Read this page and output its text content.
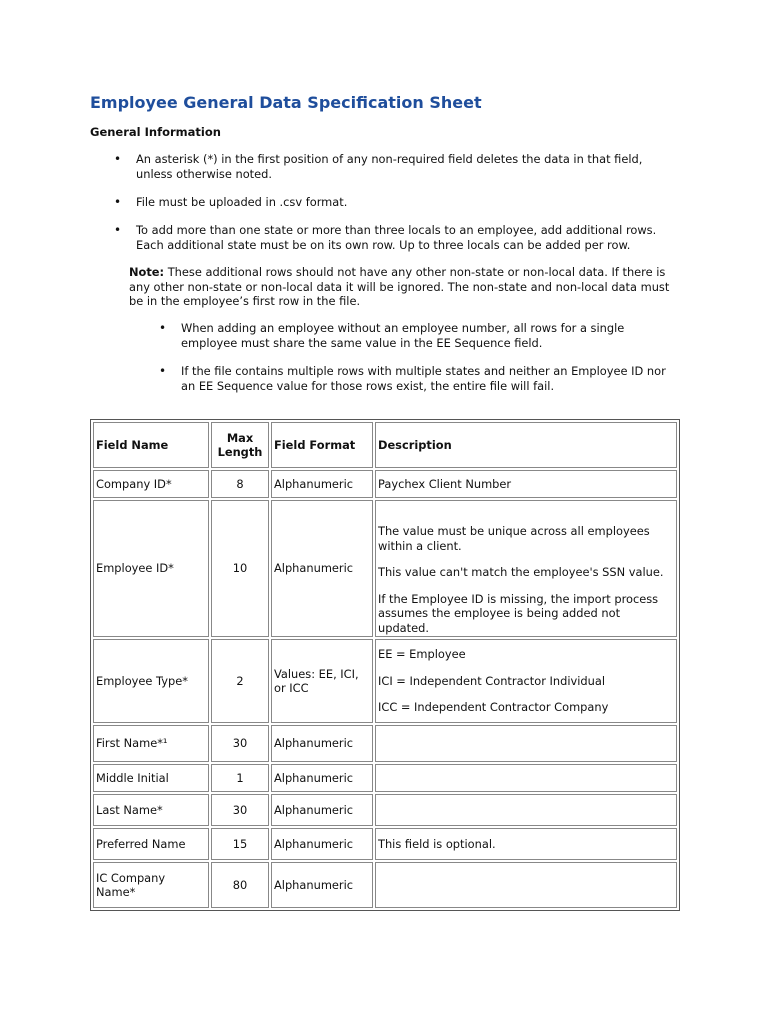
Employee General Data Specification Sheet
General Information
• An asterisk (*) in the first position of any non-required field deletes the data in that field, unless otherwise noted.
• File must be uploaded in .csv format.
• To add more than one state or more than three locals to an employee, add additional rows. Each additional state must be on its own row. Up to three locals can be added per row.

Note: These additional rows should not have any other non-state or non-local data. If there is any other non-state or non-local data it will be ignored. The non-state and non-local data must be in the employee’s first row in the file.

• When adding an employee without an employee number, all rows for a single employee must share the same value in the EE Sequence field.
• If the file contains multiple rows with multiple states and neither an Employee ID nor an EE Sequence value for those rows exist, the entire file will fail.
Field Name	Max Length	Field Format	Description
Company ID*	8	Alphanumeric	Paychex Client Number
Employee ID*	10	Alphanumeric	The value must be unique across all employees within a client.

This value can't match the employee's SSN value.

If the Employee ID is missing, the import process assumes the employee is being added not updated.

Employee Type*	2	Values: EE, ICI, or ICC	EE = Employee

ICI = Independent Contractor Individual

ICC = Independent Contractor Company

First Name*¹	30	Alphanumeric	
Middle Initial	1	Alphanumeric	
Last Name*	30	Alphanumeric	
Preferred Name	15	Alphanumeric	This field is optional.
IC Company Name*	80	Alphanumeric	
